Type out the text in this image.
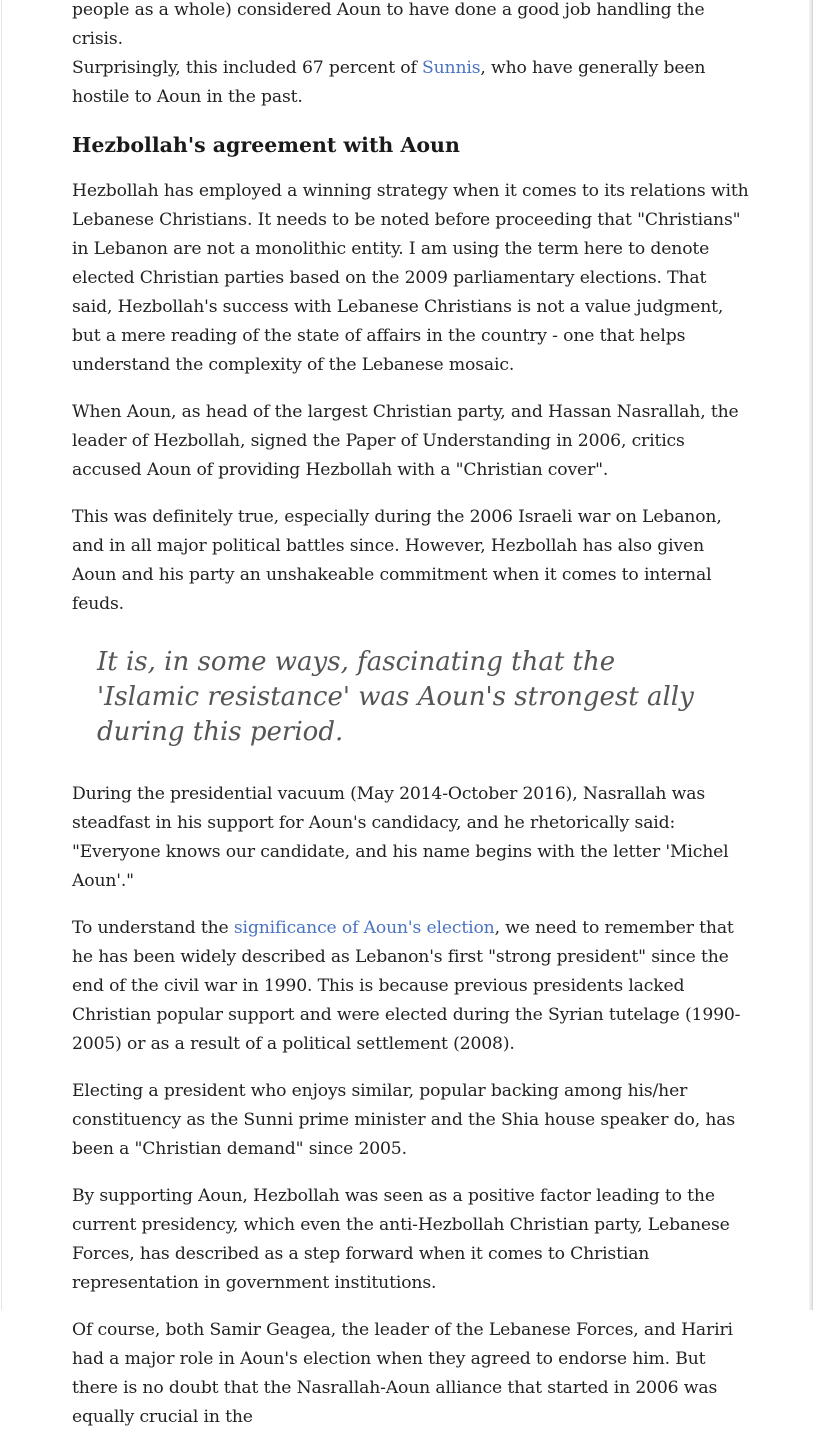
people as a whole) considered Aoun to have done a good job handling the crisis.
Surprisingly, this included 67 percent of Sunnis, who have generally been hostile to Aoun in the past.

Hezbollah's agreement with Aoun

Hezbollah has employed a winning strategy when it comes to its relations with Lebanese Christians. It needs to be noted before proceeding that "Christians" in Lebanon are not a monolithic entity. I am using the term here to denote elected Christian parties based on the 2009 parliamentary elections. That said, Hezbollah's success with Lebanese Christians is not a value judgment, but a mere reading of the state of affairs in the country - one that helps understand the complexity of the Lebanese mosaic.

When Aoun, as head of the largest Christian party, and Hassan Nasrallah, the leader of Hezbollah, signed the Paper of Understanding in 2006, critics accused Aoun of providing Hezbollah with a "Christian cover".

This was definitely true, especially during the 2006 Israeli war on Lebanon, and in all major political battles since. However, Hezbollah has also given Aoun and his party an unshakeable commitment when it comes to internal feuds.

It is, in some ways, fascinating that the 'Islamic resistance' was Aoun's strongest ally during this period.

During the presidential vacuum (May 2014-October 2016), Nasrallah was steadfast in his support for Aoun's candidacy, and he rhetorically said: "Everyone knows our candidate, and his name begins with the letter 'Michel Aoun'."

To understand the significance of Aoun's election, we need to remember that he has been widely described as Lebanon's first "strong president" since the end of the civil war in 1990. This is because previous presidents lacked Christian popular support and were elected during the Syrian tutelage (1990-2005) or as a result of a political settlement (2008).

Electing a president who enjoys similar, popular backing among his/her constituency as the Sunni prime minister and the Shia house speaker do, has been a "Christian demand" since 2005.

By supporting Aoun, Hezbollah was seen as a positive factor leading to the current presidency, which even the anti-Hezbollah Christian party, Lebanese Forces, has described as a step forward when it comes to Christian representation in government institutions.

Of course, both Samir Geagea, the leader of the Lebanese Forces, and Hariri had a major role in Aoun's election when they agreed to endorse him. But there is no doubt that the Nasrallah-Aoun alliance that started in 2006 was equally crucial in the
